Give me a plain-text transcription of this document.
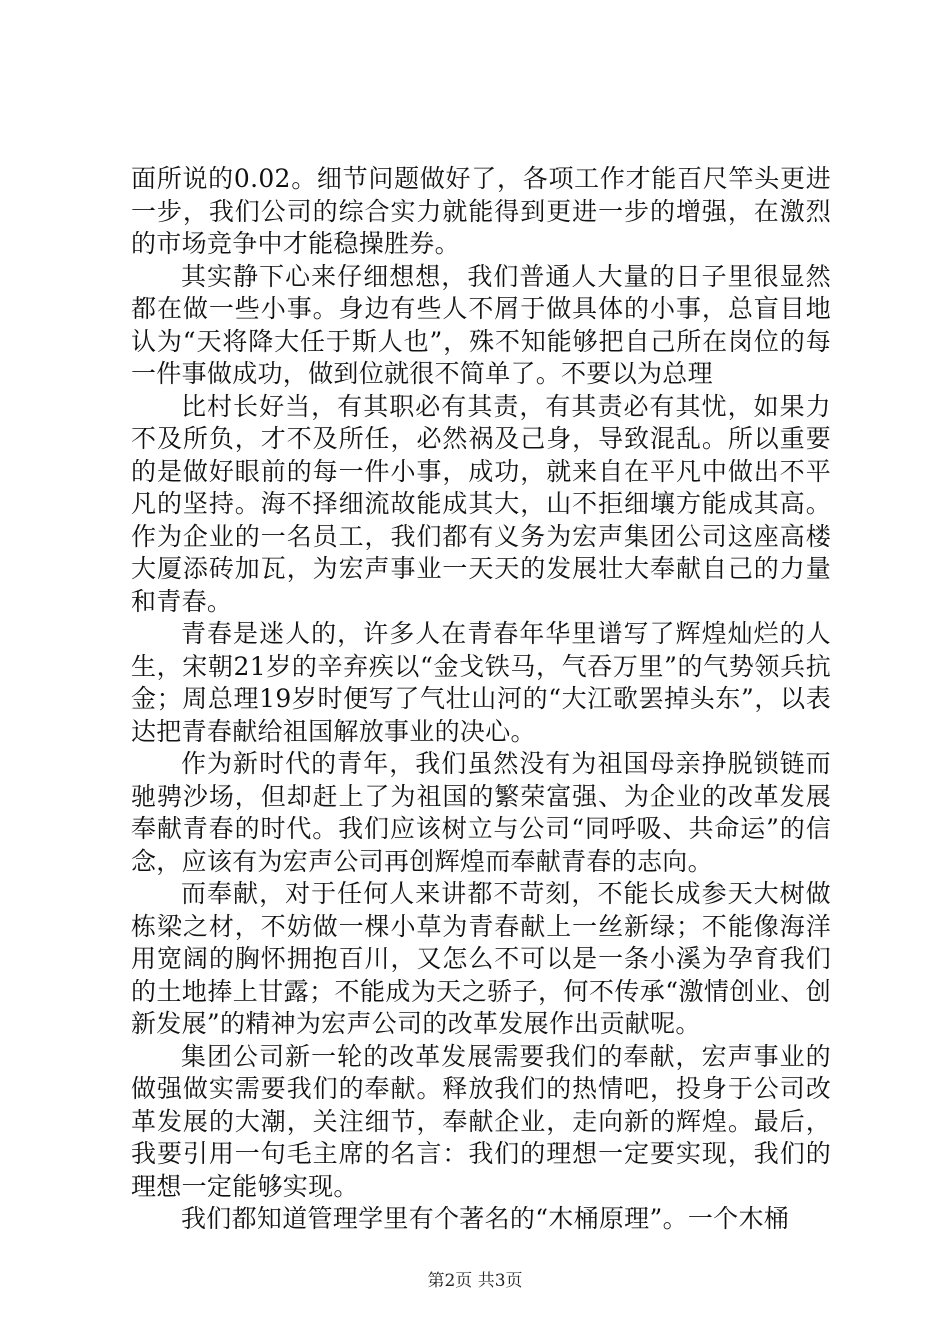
面所说的0.02。细节问题做好了，各项工作才能百尺竿头更进一步，我们公司的综合实力就能得到更进一步的增强，在激烈的市场竞争中才能稳操胜券。

其实静下心来仔细想想，我们普通人大量的日子里很显然都在做一些小事。身边有些人不屑于做具体的小事，总盲目地认为“天将降大任于斯人也”，殊不知能够把自己所在岗位的每一件事做成功，做到位就很不简单了。不要以为总理

比村长好当，有其职必有其责，有其责必有其忧，如果力不及所负，才不及所任，必然祸及己身，导致混乱。所以重要的是做好眼前的每一件小事，成功，就来自在平凡中做出不平凡的坚持。海不择细流故能成其大，山不拒细壤方能成其高。作为企业的一名员工，我们都有义务为宏声集团公司这座高楼大厦添砖加瓦，为宏声事业一天天的发展壮大奉献自己的力量和青春。

青春是迷人的，许多人在青春年华里谱写了辉煌灿烂的人生，宋朝21岁的辛弃疾以“金戈铁马，气吞万里”的气势领兵抗金；周总理19岁时便写了气壮山河的“大江歌罢掉头东”，以表达把青春献给祖国解放事业的决心。

作为新时代的青年，我们虽然没有为祖国母亲挣脱锁链而驰骋沙场，但却赶上了为祖国的繁荣富强、为企业的改革发展奉献青春的时代。我们应该树立与公司“同呼吸、共命运”的信念，应该有为宏声公司再创辉煌而奉献青春的志向。

而奉献，对于任何人来讲都不苛刻，不能长成参天大树做栋梁之材，不妨做一棵小草为青春献上一丝新绿；不能像海洋用宽阔的胸怀拥抱百川，又怎么不可以是一条小溪为孕育我们的土地捧上甘露；不能成为天之骄子，何不传承“激情创业、创新发展”的精神为宏声公司的改革发展作出贡献呢。

集团公司新一轮的改革发展需要我们的奉献，宏声事业的做强做实需要我们的奉献。释放我们的热情吧，投身于公司改革发展的大潮，关注细节，奉献企业，走向新的辉煌。最后，我要引用一句毛主席的名言：我们的理想一定要实现，我们的理想一定能够实现。

我们都知道管理学里有个著名的“木桶原理”。一个木桶

第2页 共3页
